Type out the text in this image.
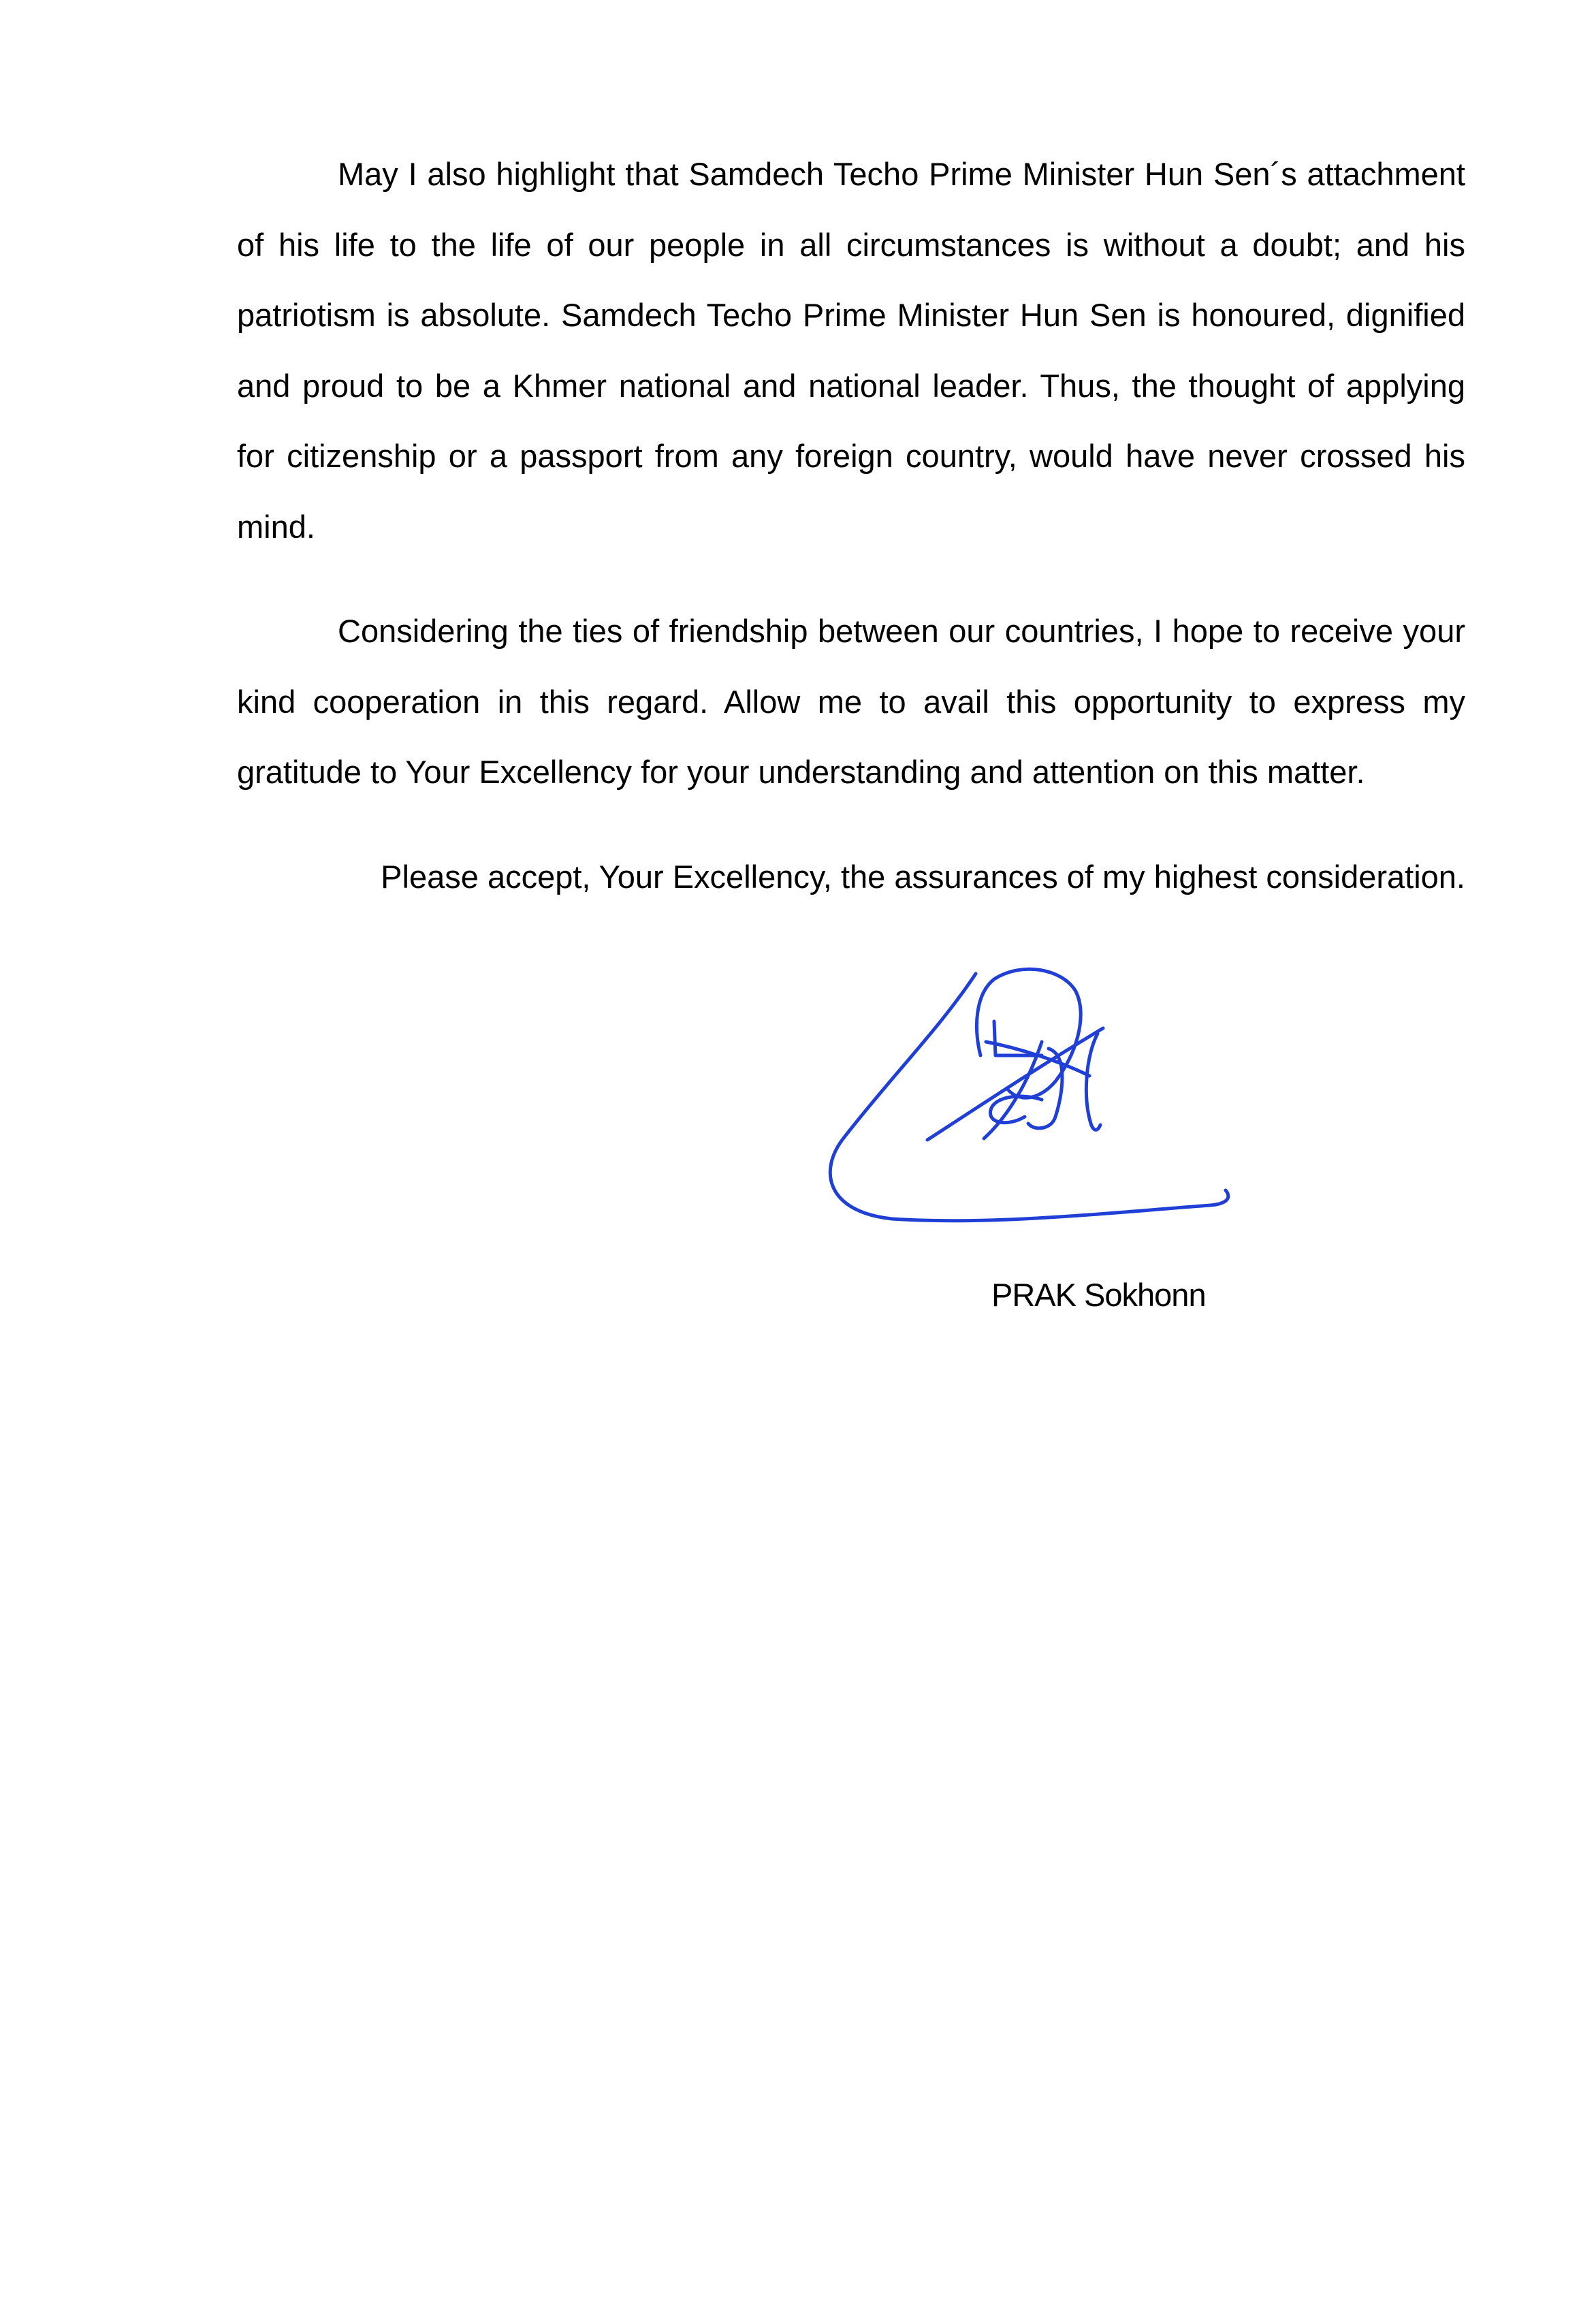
May I also highlight that Samdech Techo Prime Minister Hun Sen´s attachment of his life to the life of our people in all circumstances is without a doubt; and his patriotism is absolute. Samdech Techo Prime Minister Hun Sen is honoured, dignified and proud to be a Khmer national and national leader. Thus, the thought of applying for citizenship or a passport from any foreign country, would have never crossed his mind.

Considering the ties of friendship between our countries, I hope to receive your kind cooperation in this regard. Allow me to avail this opportunity to express my gratitude to Your Excellency for your understanding and attention on this matter.

Please accept, Your Excellency, the assurances of my highest consideration.

PRAK Sokhonn
